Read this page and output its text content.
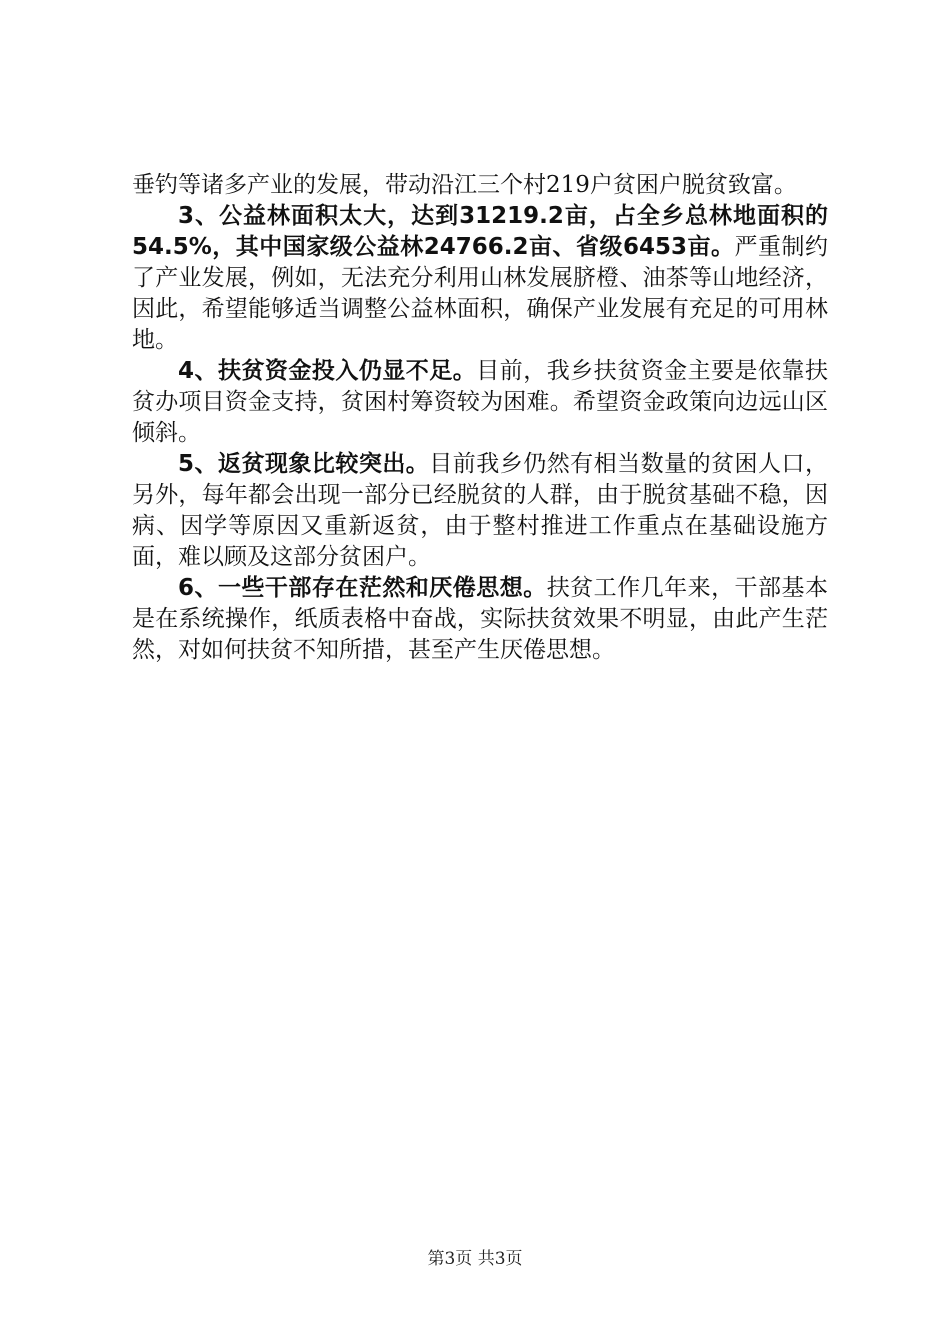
垂钓等诸多产业的发展，带动沿江三个村219户贫困户脱贫致富。

3、公益林面积太大，达到31219.2亩，占全乡总林地面积的54.5%，其中国家级公益林24766.2亩、省级6453亩。严重制约了产业发展，例如，无法充分利用山林发展脐橙、油茶等山地经济，因此，希望能够适当调整公益林面积，确保产业发展有充足的可用林地。

4、扶贫资金投入仍显不足。目前，我乡扶贫资金主要是依靠扶贫办项目资金支持，贫困村筹资较为困难。希望资金政策向边远山区倾斜。

5、返贫现象比较突出。目前我乡仍然有相当数量的贫困人口，另外，每年都会出现一部分已经脱贫的人群，由于脱贫基础不稳，因病、因学等原因又重新返贫，由于整村推进工作重点在基础设施方面，难以顾及这部分贫困户。

6、一些干部存在茫然和厌倦思想。扶贫工作几年来，干部基本是在系统操作，纸质表格中奋战，实际扶贫效果不明显，由此产生茫然，对如何扶贫不知所措，甚至产生厌倦思想。

第3页 共3页
